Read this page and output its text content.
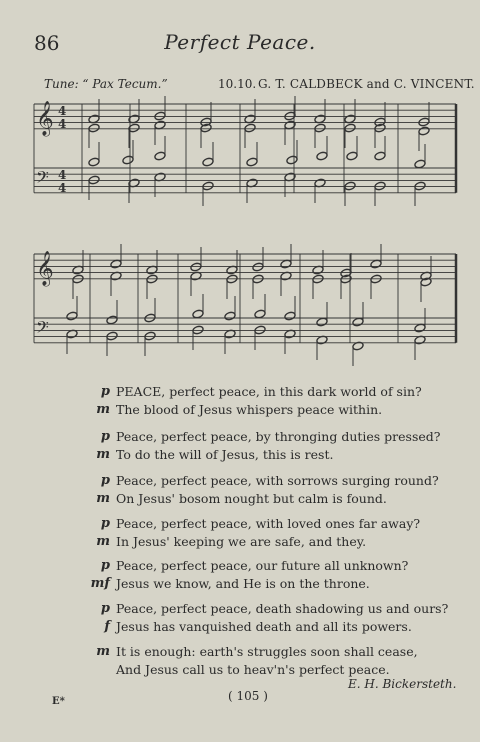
86	Perfect Peace.
Tune: “ Pax Tecum.”	10.10. G. T. CALDBECK and C. VINCENT.
𝄞
𝄢
𝄞
𝄢
4
4
4
4
p PEACE, perfect peace, in this dark world of sin?
m The blood of Jesus whispers peace within.
p Peace, perfect peace, by thronging duties pressed?
m To do the will of Jesus, this is rest.
p Peace, perfect peace, with sorrows surging round?
m On Jesus' bosom nought but calm is found.
p Peace, perfect peace, with loved ones far away?
m In Jesus' keeping we are safe, and they.
p Peace, perfect peace, our future all unknown?
mf Jesus we know, and He is on the throne.
p Peace, perfect peace, death shadowing us and ours?
f Jesus has vanquished death and all its powers.
m It is enough: earth's struggles soon shall cease,
And Jesus call us to heav'n's perfect peace.
E. H. Bickersteth.
( 105 )
E*
